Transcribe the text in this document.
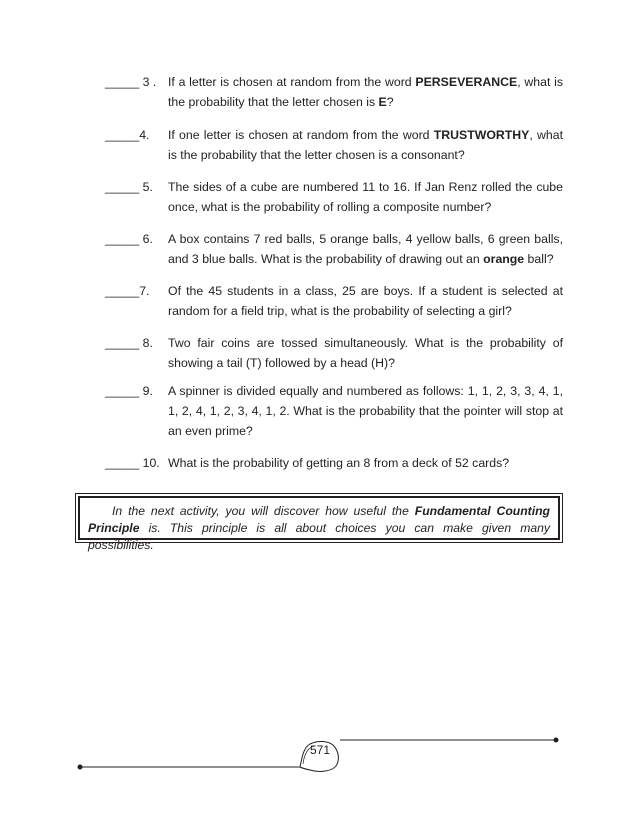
_____ 3 . If a letter is chosen at random from the word PERSEVERANCE, what is the probability that the letter chosen is E?
_____4. If one letter is chosen at random from the word TRUSTWORTHY, what is the probability that the letter chosen is a consonant?
_____ 5. The sides of a cube are numbered 11 to 16. If Jan Renz rolled the cube once, what is the probability of rolling a composite number?
_____ 6. A box contains 7 red balls, 5 orange balls, 4 yellow balls, 6 green balls, and 3 blue balls. What is the probability of drawing out an orange ball?
_____7. Of the 45 students in a class, 25 are boys. If a student is selected at random for a field trip, what is the probability of selecting a girl?
_____ 8. Two fair coins are tossed simultaneously. What is the probability of showing a tail (T) followed by a head (H)?
_____ 9. A spinner is divided equally and numbered as follows: 1, 1, 2, 3, 3, 4, 1, 1, 2, 4, 1, 2, 3, 4, 1, 2. What is the probability that the pointer will stop at an even prime?
_____ 10. What is the probability of getting an 8 from a deck of 52 cards?
In the next activity, you will discover how useful the Fundamental Counting Principle is. This principle is all about choices you can make given many possibilities.
571
